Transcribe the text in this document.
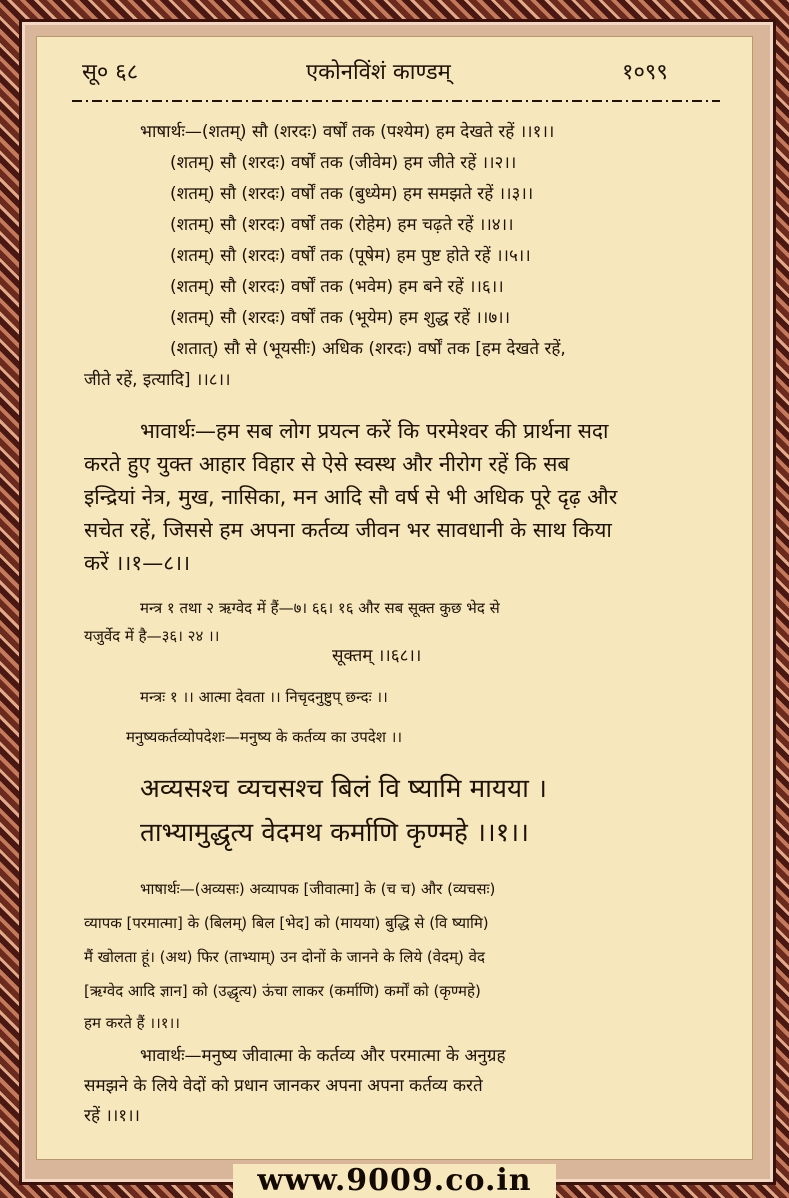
सू० ६८	एकोनविंशं काण्डम्	१०९९
भाषार्थः—(शतम्) सौ (शरदः) वर्षों तक (पश्येम) हम देखते रहें ।।१।।
(शतम्) सौ (शरदः) वर्षों तक (जीवेम) हम जीते रहें ।।२।।
(शतम्) सौ (शरदः) वर्षों तक (बुध्येम) हम समझते रहें ।।३।।
(शतम्) सौ (शरदः) वर्षों तक (रोहेम) हम चढ़ते रहें ।।४।।
(शतम्) सौ (शरदः) वर्षों तक (पूषेम) हम पुष्ट होते रहें ।।५।।
(शतम्) सौ (शरदः) वर्षों तक (भवेम) हम बने रहें ।।६।।
(शतम्) सौ (शरदः) वर्षों तक (भूयेम) हम शुद्ध रहें ।।७।।
(शतात्) सौ से (भूयसीः) अधिक (शरदः) वर्षों तक [हम देखते रहें,
जीते रहें, इत्यादि] ।।८।।
भावार्थः—हम सब लोग प्रयत्न करें कि परमेश्वर की प्रार्थना सदा
करते हुए युक्त आहार विहार से ऐसे स्वस्थ और नीरोग रहें कि सब
इन्द्रियां नेत्र, मुख, नासिका, मन आदि सौ वर्ष से भी अधिक पूरे दृढ़ और
सचेत रहें, जिससे हम अपना कर्तव्य जीवन भर सावधानी के साथ किया
करें ।।१—८।।
मन्त्र १ तथा २ ऋग्वेद में हैं—७। ६६। १६ और सब सूक्त कुछ भेद से
यजुर्वेद में है—३६। २४ ।।
सूक्तम् ।।६८।।
मन्त्रः १ ।। आत्मा देवता ।। निचृदनुष्टुप् छन्दः ।।
मनुष्यकर्तव्योपदेशः—मनुष्य के कर्तव्य का उपदेश ।।
अव्यसश्च व्यचसश्च बिलं वि ष्यामि मायया ।
ताभ्यामुद्धृत्य वेदमथ कर्माणि कृण्महे ।।१।।
भाषार्थः—(अव्यसः) अव्यापक [जीवात्मा] के (च च) और (व्यचसः)
व्यापक [परमात्मा] के (बिलम्) बिल [भेद] को (मायया) बुद्धि से (वि ष्यामि)
मैं खोलता हूं। (अथ) फिर (ताभ्याम्) उन दोनों के जानने के लिये (वेदम्) वेद
[ऋग्वेद आदि ज्ञान] को (उद्धृत्य) ऊंचा लाकर (कर्माणि) कर्मों को (कृण्महे)
हम करते हैं ।।१।।
भावार्थः—मनुष्य जीवात्मा के कर्तव्य और परमात्मा के अनुग्रह
समझने के लिये वेदों को प्रधान जानकर अपना अपना कर्तव्य करते
रहें ।।१।।
www.9009.co.in
